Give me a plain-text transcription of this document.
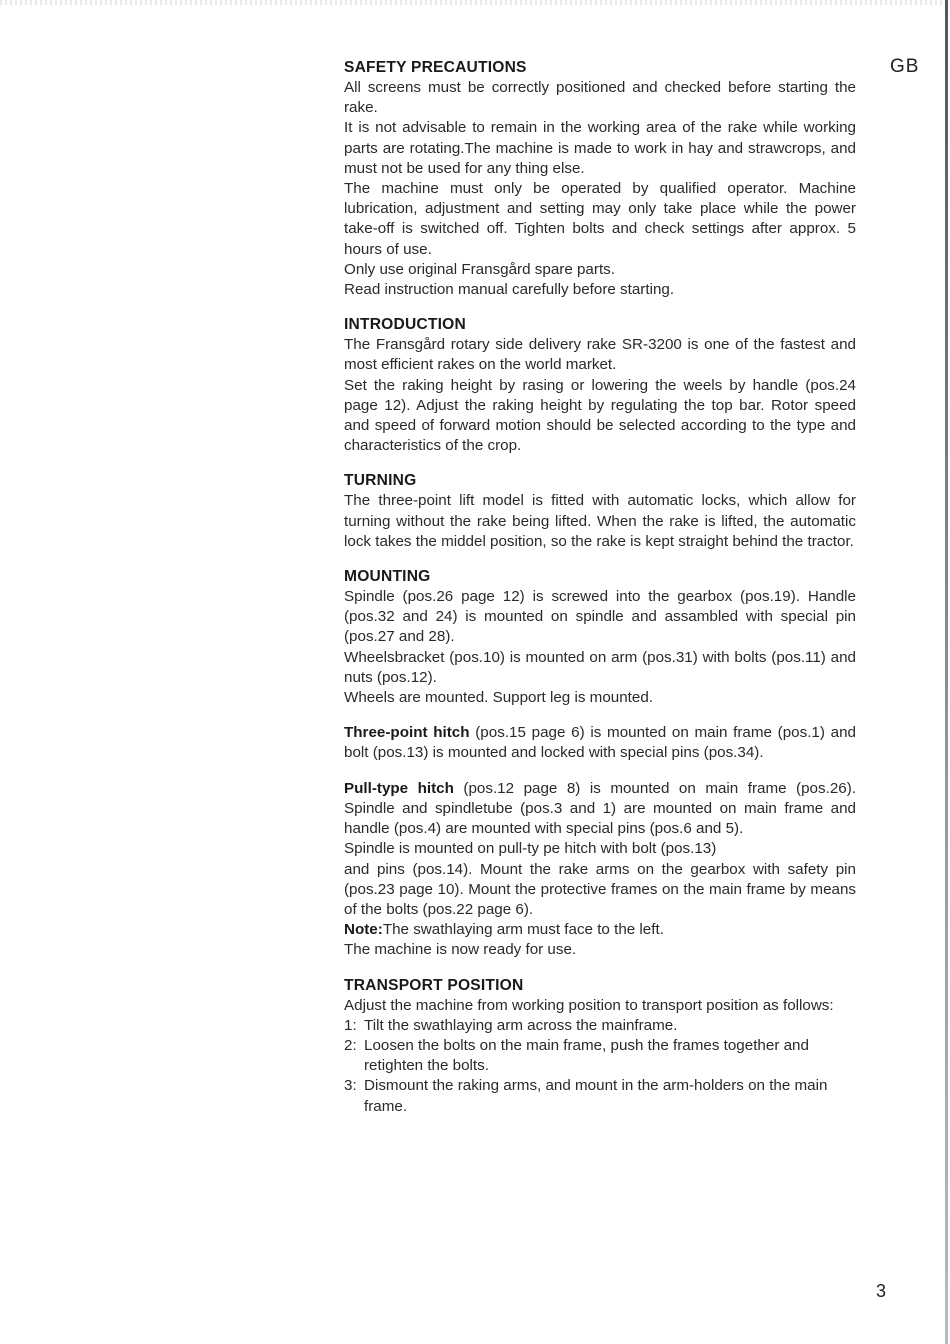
GB
SAFETY PRECAUTIONS

All screens must be correctly positioned and checked before starting the rake.

It is not advisable to remain in the working area of the rake while working parts are rotating.The machine is made to work in hay and strawcrops, and must not be used for any thing else.

The machine must only be operated by qualified operator. Machine lubrication, adjustment and setting may only take place while the power take-off is switched off. Tighten bolts and check settings after approx. 5 hours of use.

Only use original Fransgård spare parts.

Read instruction manual carefully before starting.

INTRODUCTION

The Fransgård rotary side delivery rake SR-3200 is one of the fastest and most efficient rakes on the world market.

Set the raking height by rasing or lowering the weels by handle (pos.24 page 12). Adjust the raking height by regulating the top bar. Rotor speed and speed of forward motion should be selected according to the type and characteristics of the crop.

TURNING

The three-point lift model is fitted with automatic locks, which allow for turning without the rake being lifted. When the rake is lifted, the automatic lock takes the middel position, so the rake is kept straight behind the tractor.

MOUNTING

Spindle (pos.26 page 12) is screwed into the gearbox (pos.19). Handle (pos.32 and 24) is mounted on spindle and assambled with special pin (pos.27 and 28).

Wheelsbracket (pos.10) is mounted on arm (pos.31) with bolts (pos.11) and nuts (pos.12).

Wheels are mounted. Support leg is mounted.

Three-point hitch (pos.15 page 6) is mounted on main frame (pos.1) and bolt (pos.13) is mounted and locked with special pins (pos.34).

Pull-type hitch (pos.12 page 8) is mounted on main frame (pos.26). Spindle and spindletube (pos.3 and 1) are mounted on main frame and handle (pos.4) are mounted with special pins (pos.6 and 5).

Spindle is mounted on pull-ty pe hitch with bolt (pos.13)

and pins (pos.14). Mount the rake arms on the gearbox with safety pin (pos.23 page 10). Mount the protective frames on the main frame by means of the bolts (pos.22 page 6).

Note:The swathlaying arm must face to the left.

The machine is now ready for use.

TRANSPORT POSITION

Adjust the machine from working position to transport position as follows:

1: Tilt the swathlaying arm across the mainframe.
2: Loosen the bolts on the main frame, push the frames together and retighten the bolts.
3: Dismount the raking arms, and mount in the arm-holders on the main frame.
3
